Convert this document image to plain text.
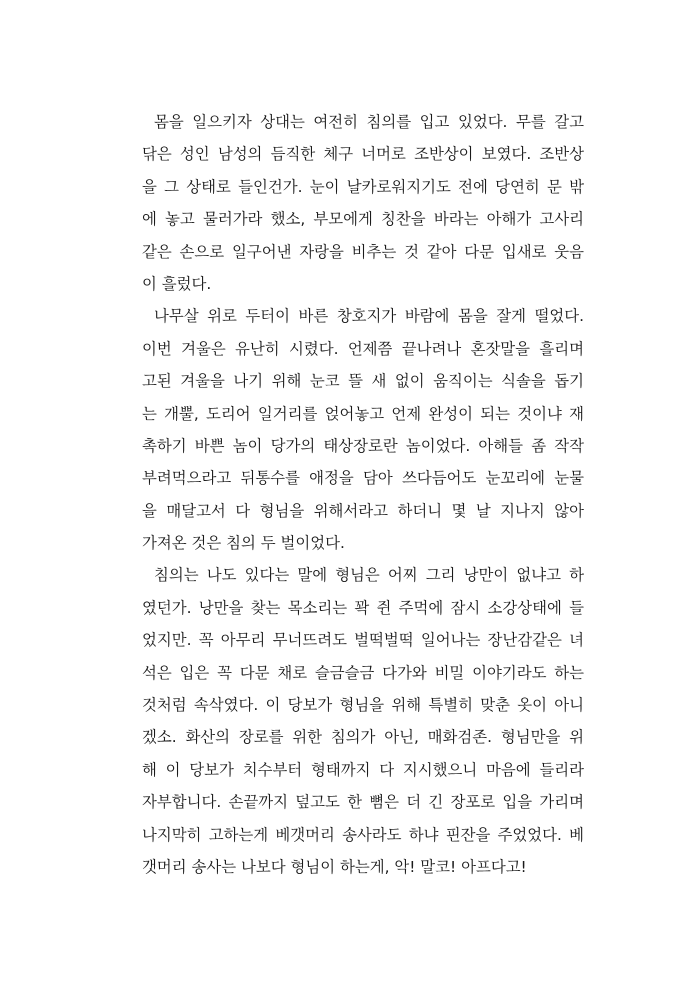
몸을 일으키자 상대는 여전히 침의를 입고 있었다. 무를 갈고
닦은 성인 남성의 듬직한 체구 너머로 조반상이 보였다. 조반상
을 그 상태로 들인건가. 눈이 날카로워지기도 전에 당연히 문 밖
에 놓고 물러가라 했소, 부모에게 칭찬을 바라는 아해가 고사리
같은 손으로 일구어낸 자랑을 비추는 것 같아 다문 입새로 웃음
이 흘렀다.
나무살 위로 두터이 바른 창호지가 바람에 몸을 잘게 떨었다.
이번 겨울은 유난히 시렸다. 언제쯤 끝나려나 혼잣말을 흘리며
고된 겨울을 나기 위해 눈코 뜰 새 없이 움직이는 식솔을 돕기
는 개뿔, 도리어 일거리를 얹어놓고 언제 완성이 되는 것이냐 재
촉하기 바쁜 놈이 당가의 태상장로란 놈이었다. 아해들 좀 작작
부려먹으라고 뒤통수를 애정을 담아 쓰다듬어도 눈꼬리에 눈물
을 매달고서 다 형님을 위해서라고 하더니 몇 날 지나지 않아
가져온 것은 침의 두 벌이었다.
침의는 나도 있다는 말에 형님은 어찌 그리 낭만이 없냐고 하
였던가. 낭만을 찾는 목소리는 꽉 쥔 주먹에 잠시 소강상태에 들
었지만. 꼭 아무리 무너뜨려도 벌떡벌떡 일어나는 장난감같은 녀
석은 입은 꼭 다문 채로 슬금슬금 다가와 비밀 이야기라도 하는
것처럼 속삭였다. 이 당보가 형님을 위해 특별히 맞춘 옷이 아니
겠소. 화산의 장로를 위한 침의가 아닌, 매화검존. 형님만을 위
해 이 당보가 치수부터 형태까지 다 지시했으니 마음에 들리라
자부합니다. 손끝까지 덮고도 한 뼘은 더 긴 장포로 입을 가리며
나지막히 고하는게 베갯머리 송사라도 하냐 핀잔을 주었었다. 베
갯머리 송사는 나보다 형님이 하는게, 악! 말코! 아프다고!
